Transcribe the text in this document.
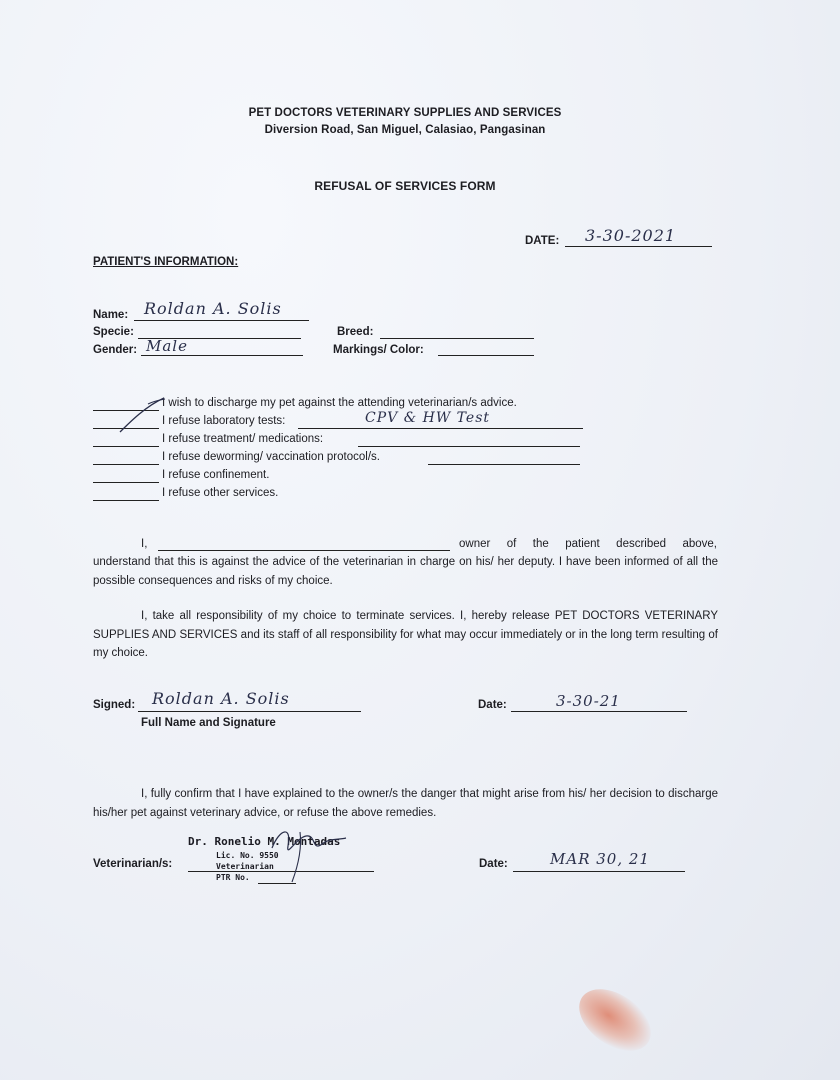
PET DOCTORS VETERINARY SUPPLIES AND SERVICES
Diversion Road, San Miguel, Calasiao, Pangasinan
REFUSAL OF SERVICES FORM
DATE: 3-30-2021
PATIENT'S INFORMATION:
Name: Roldan A. Solis
Specie:
Gender: Male
Breed:
Markings/ Color:
I wish to discharge my pet against the attending veterinarian/s advice.
I refuse laboratory tests:	CPV & HW Test
I refuse treatment/ medications:
I refuse deworming/ vaccination protocol/s.
I refuse confinement.
I refuse other services.
I,	owner of the patient described above,
understand that this is against the advice of the veterinarian in charge on his/ her deputy. I have been informed of all the possible consequences and risks of my choice.
I, take all responsibility of my choice to terminate services. I, hereby release PET DOCTORS VETERINARY SUPPLIES AND SERVICES and its staff of all responsibility for what may occur immediately or in the long term resulting of my choice.
Signed: Roldan A. Solis
Full Name and Signature
Date:	3-30-21
I, fully confirm that I have explained to the owner/s the danger that might arise from his/ her decision to discharge his/her pet against veterinary advice, or refuse the above remedies.
Veterinarian/s:
Dr. Ronelio M. Montadas
Lic. No. 9550
Veterinarian
PTR No.
Date:	MAR 30, 21
